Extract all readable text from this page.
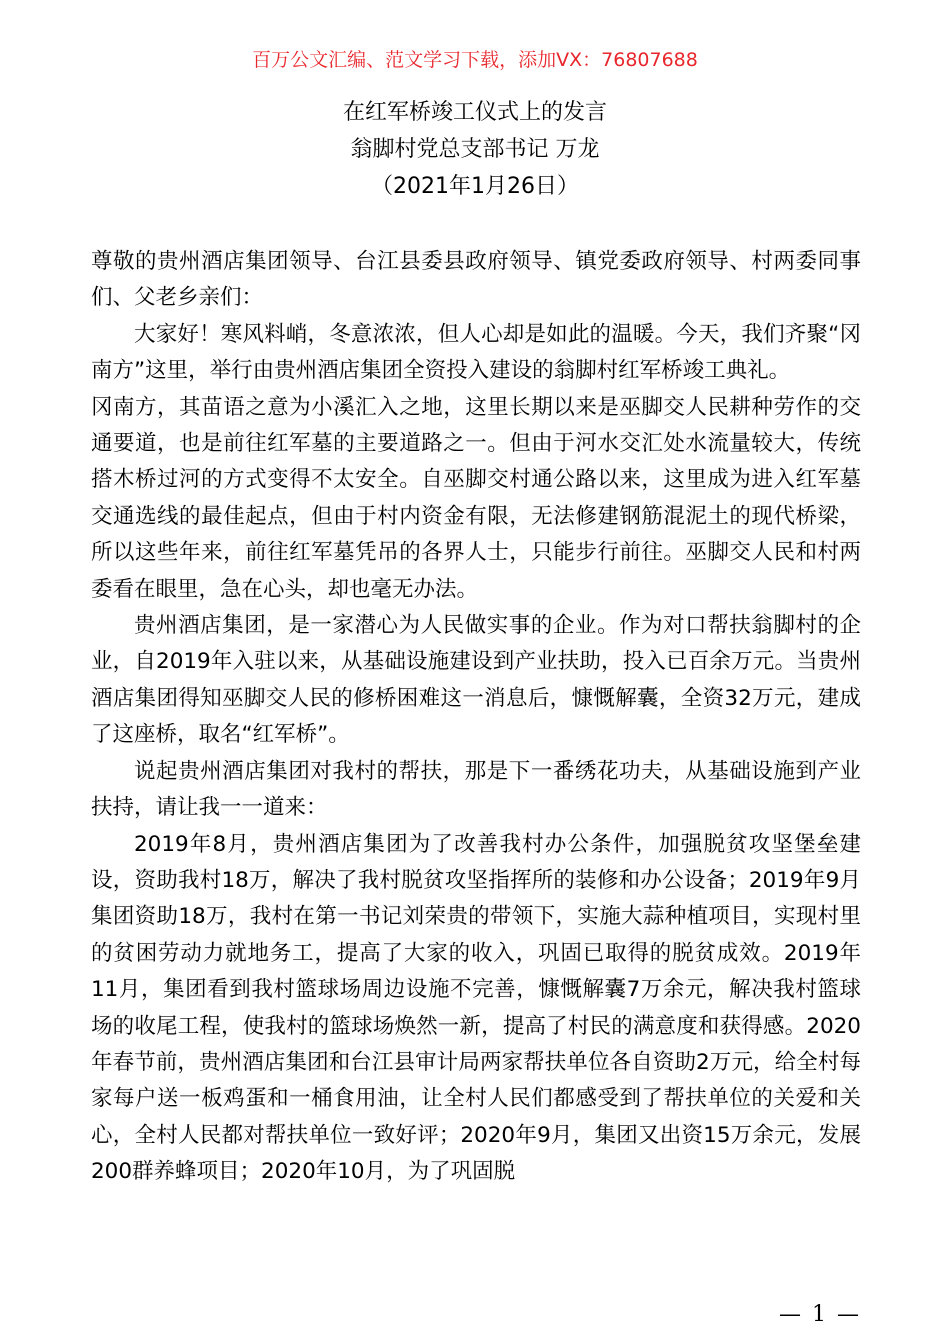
百万公文汇编、范文学习下载，添加VX：76807688
在红军桥竣工仪式上的发言
翁脚村党总支部书记 万龙
（2021年1月26日）

尊敬的贵州酒店集团领导、台江县委县政府领导、镇党委政府领导、村两委同事们、父老乡亲们：

大家好！寒风料峭，冬意浓浓，但人心却是如此的温暖。今天，我们齐聚“冈南方”这里，举行由贵州酒店集团全资投入建设的翁脚村红军桥竣工典礼。

冈南方，其苗语之意为小溪汇入之地，这里长期以来是巫脚交人民耕种劳作的交通要道，也是前往红军墓的主要道路之一。但由于河水交汇处水流量较大，传统搭木桥过河的方式变得不太安全。自巫脚交村通公路以来，这里成为进入红军墓交通选线的最佳起点，但由于村内资金有限，无法修建钢筋混泥土的现代桥梁，所以这些年来，前往红军墓凭吊的各界人士，只能步行前往。巫脚交人民和村两委看在眼里，急在心头，却也毫无办法。

贵州酒店集团，是一家潜心为人民做实事的企业。作为对口帮扶翁脚村的企业，自2019年入驻以来，从基础设施建设到产业扶助，投入已百余万元。当贵州酒店集团得知巫脚交人民的修桥困难这一消息后，慷慨解囊，全资32万元，建成了这座桥，取名“红军桥”。

说起贵州酒店集团对我村的帮扶，那是下一番绣花功夫，从基础设施到产业扶持，请让我一一道来：

2019年8月，贵州酒店集团为了改善我村办公条件，加强脱贫攻坚堡垒建设，资助我村18万，解决了我村脱贫攻坚指挥所的装修和办公设备；2019年9月集团资助18万，我村在第一书记刘荣贵的带领下，实施大蒜种植项目，实现村里的贫困劳动力就地务工，提高了大家的收入，巩固已取得的脱贫成效。2019年11月，集团看到我村篮球场周边设施不完善，慷慨解囊7万余元，解决我村篮球场的收尾工程，使我村的篮球场焕然一新，提高了村民的满意度和获得感。2020年春节前，贵州酒店集团和台江县审计局两家帮扶单位各自资助2万元，给全村每家每户送一板鸡蛋和一桶食用油，让全村人民们都感受到了帮扶单位的关爱和关心，全村人民都对帮扶单位一致好评；2020年9月，集团又出资15万余元，发展200群养蜂项目；2020年10月，为了巩固脱

— 1 —
